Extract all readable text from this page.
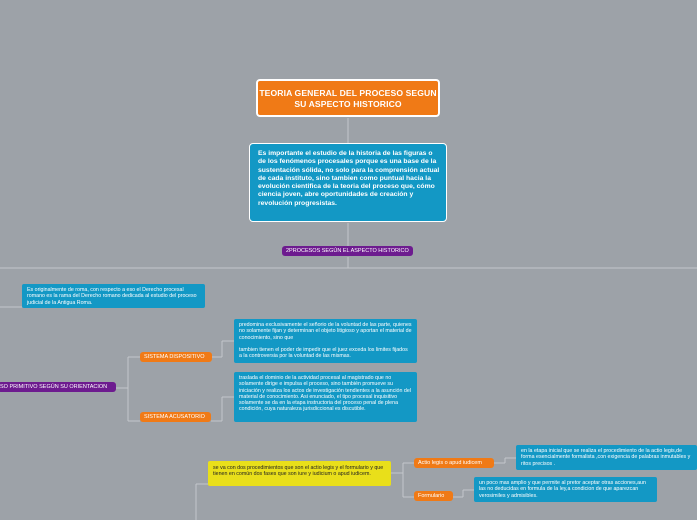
TEORIA GENERAL DEL PROCESO SEGUN SU ASPECTO HISTORICO
Es importante el estudio de la historia de las figuras o de los fenómenos procesales porque es una base de la sustentación sólida, no solo para la comprensión actual de cada instituto, sino tambien como puntual hacia la evolución cientifica de la teoria del proceso que, cómo ciencia joven, abre oportunidades de creación y revolución progresistas.
2PROCESOS SEGÚN EL ASPECTO HISTORICO
Es originalmente de roma, con respecto a eso el Derecho procesal romano es la rama del Derecho romano dedicada al estudio del proceso judicial de la Antigua Roma.
SO PRIMITIVO SEGÚN SU ORIENTACION
SISTEMA DISPOSITIVO
predomina exclusivamente el señorio de la voluntad de las parte, quienes no solamente fijan y determinan el objeto litigioso y aportan el material de conocimiento, sino que
tambien tienen el poder de impedir que el juez exceda los limites fijados a la controversia por la voluntad de las mismas.
SISTEMA ACUSATORIO
traslada el dominio de la actividad procesal al magistrado que no solamente dirige e impulsa el proceso, sino también promueve su iniciación y realiza los actos de investigación tendientes a la asunción del material de conocimiento. Asi enunciado, el tipo procesal inquisitivo solamente se da en la etapa instructoria del proceso penal de plena condición, cuya naturaleza jurisdiccional es discutible.
se va con dos procedimientos que son el actio legis y el formulario y que tienen en común dos fases que son iure y iudicium o apud iudicem.
Actio legis o apud iudicem
en la etapa inicial que se realiza el procedimiento de la actio legis,de forma esencialmente formalista ,con exigencia de palabras inmutables y ritos precisos .
Formulario
un poco mas amplio y que permite al pretor aceptar otras acciones,aun las no deducidas en formula de la ley,a condicion de que aparezcan verosimiles y admisibles.
